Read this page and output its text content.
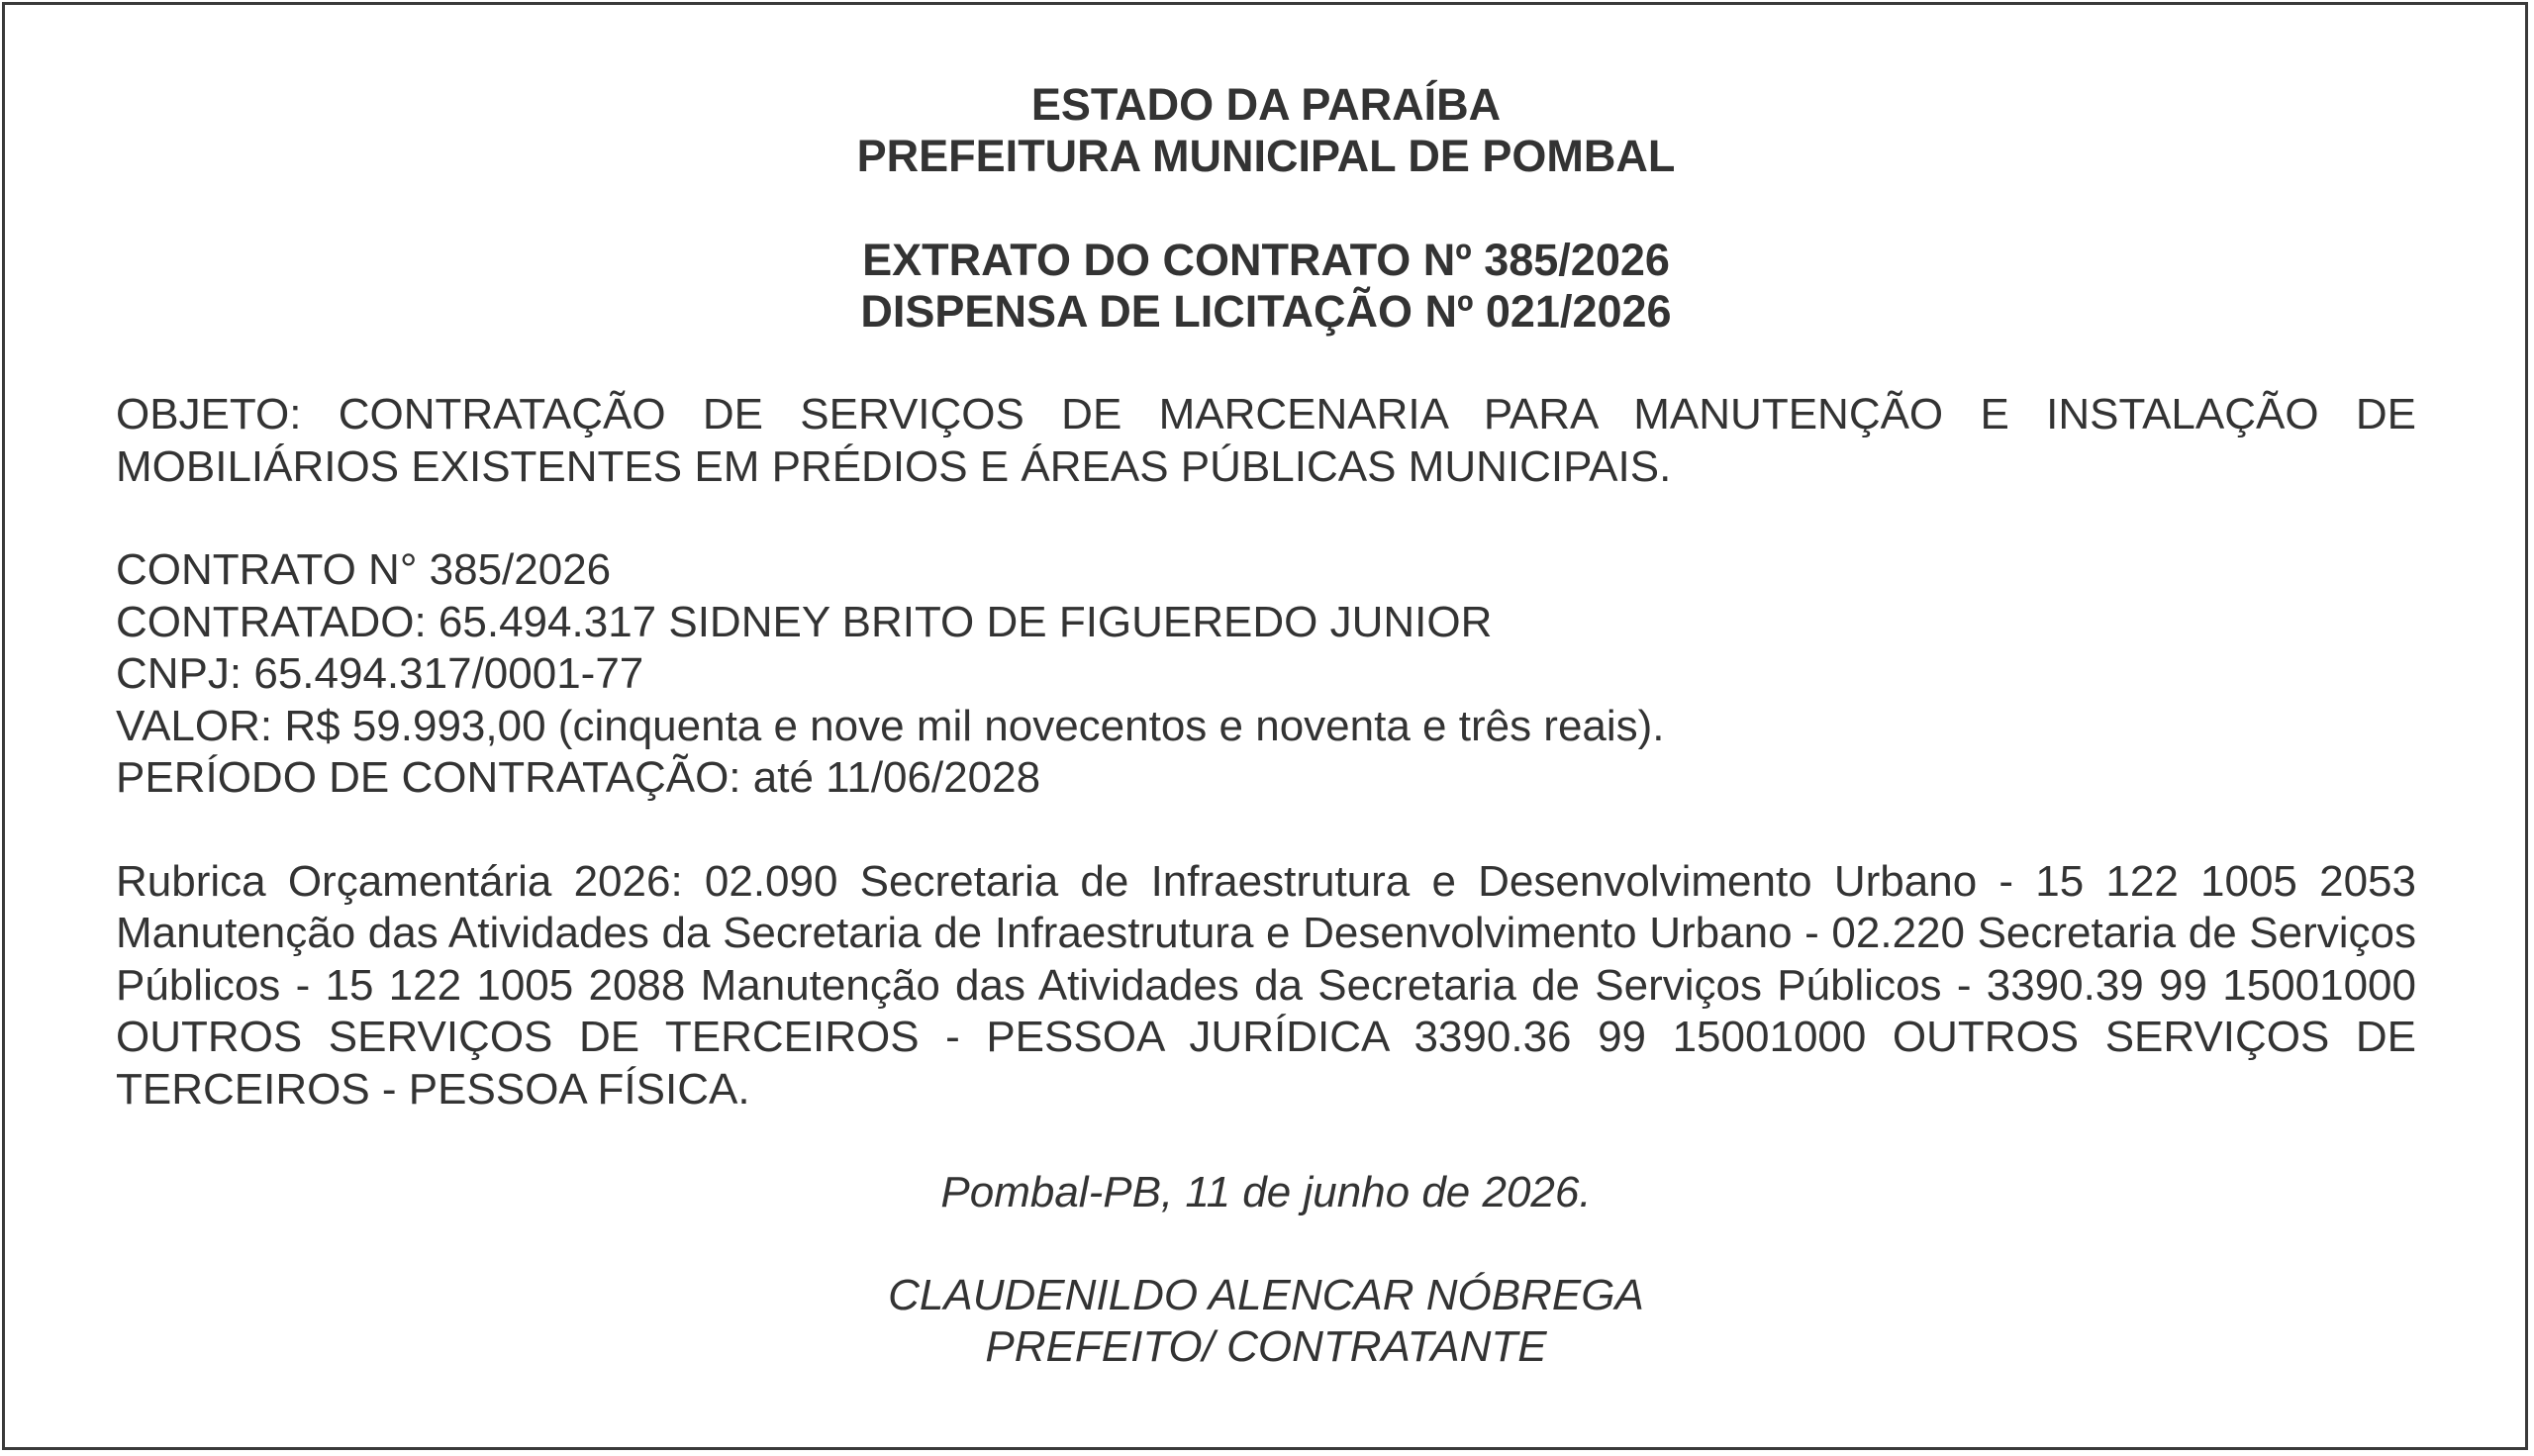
ESTADO DA PARAÍBA

PREFEITURA MUNICIPAL DE POMBAL

EXTRATO DO CONTRATO Nº 385/2026

DISPENSA DE LICITAÇÃO Nº 021/2026

OBJETO: CONTRATAÇÃO DE SERVIÇOS DE MARCENARIA PARA MANUTENÇÃO E INSTALAÇÃO DE MOBILIÁRIOS EXISTENTES EM PRÉDIOS E ÁREAS PÚBLICAS MUNICIPAIS.

CONTRATO N° 385/2026

CONTRATADO: 65.494.317 SIDNEY BRITO DE FIGUEREDO JUNIOR

CNPJ: 65.494.317/0001-77

VALOR: R$ 59.993,00 (cinquenta e nove mil novecentos e noventa e três reais).

PERÍODO DE CONTRATAÇÃO: até 11/06/2028

Rubrica Orçamentária 2026: 02.090 Secretaria de Infraestrutura e Desenvolvimento Urbano - 15 122 1005 2053 Manutenção das Atividades da Secretaria de Infraestrutura e Desenvolvimento Urbano - 02.220 Secretaria de Serviços Públicos - 15 122 1005 2088 Manutenção das Atividades da Secretaria de Serviços Públicos - 3390.39 99 15001000 OUTROS SERVIÇOS DE TERCEIROS - PESSOA JURÍDICA 3390.36 99 15001000 OUTROS SERVIÇOS DE TERCEIROS - PESSOA FÍSICA.

Pombal-PB, 11 de junho de 2026.

CLAUDENILDO ALENCAR NÓBREGA

PREFEITO/ CONTRATANTE
